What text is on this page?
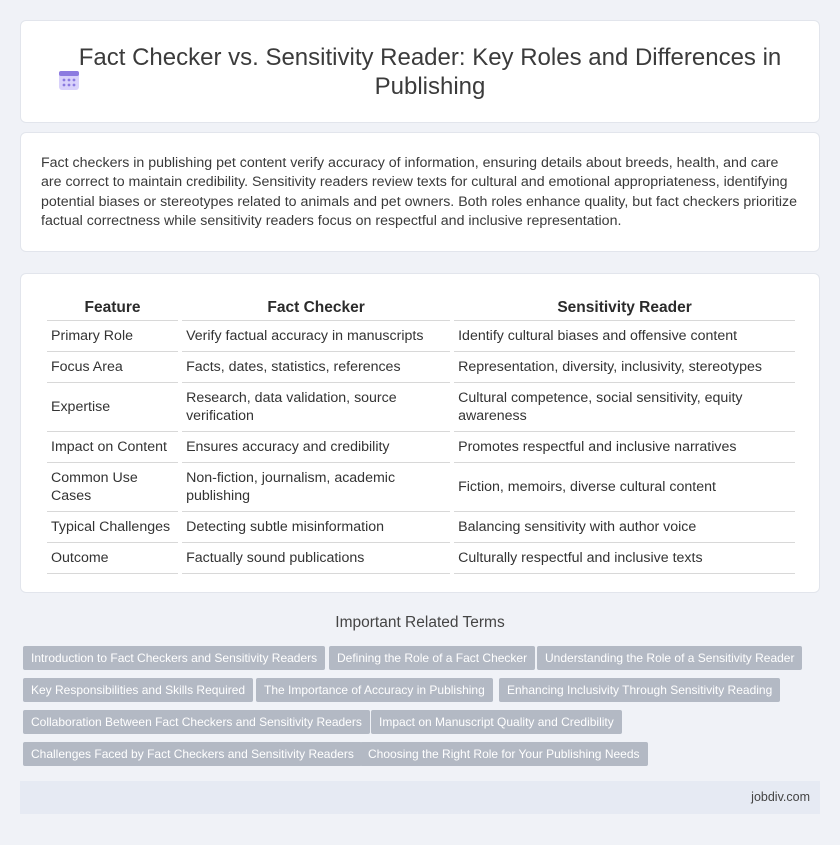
Fact Checker vs. Sensitivity Reader: Key Roles and Differences in Publishing

Fact checkers in publishing pet content verify accuracy of information, ensuring details about breeds, health, and care are correct to maintain credibility. Sensitivity readers review texts for cultural and emotional appropriateness, identifying potential biases or stereotypes related to animals and pet owners. Both roles enhance quality, but fact checkers prioritize factual correctness while sensitivity readers focus on respectful and inclusive representation.

Feature	Fact Checker	Sensitivity Reader
Primary Role	Verify factual accuracy in manuscripts	Identify cultural biases and offensive content
Focus Area	Facts, dates, statistics, references	Representation, diversity, inclusivity, stereotypes
Expertise	Research, data validation, source verification	Cultural competence, social sensitivity, equity awareness
Impact on Content	Ensures accuracy and credibility	Promotes respectful and inclusive narratives
Common Use Cases	Non-fiction, journalism, academic publishing	Fiction, memoirs, diverse cultural content
Typical Challenges	Detecting subtle misinformation	Balancing sensitivity with author voice
Outcome	Factually sound publications	Culturally respectful and inclusive texts
Important Related Terms
Introduction to Fact Checkers and Sensitivity Readers	Defining the Role of a Fact Checker	Understanding the Role of a Sensitivity Reader
Key Responsibilities and Skills Required	The Importance of Accuracy in Publishing	Enhancing Inclusivity Through Sensitivity Reading
Collaboration Between Fact Checkers and Sensitivity Readers	Impact on Manuscript Quality and Credibility
Challenges Faced by Fact Checkers and Sensitivity Readers	Choosing the Right Role for Your Publishing Needs
jobdiv.com
